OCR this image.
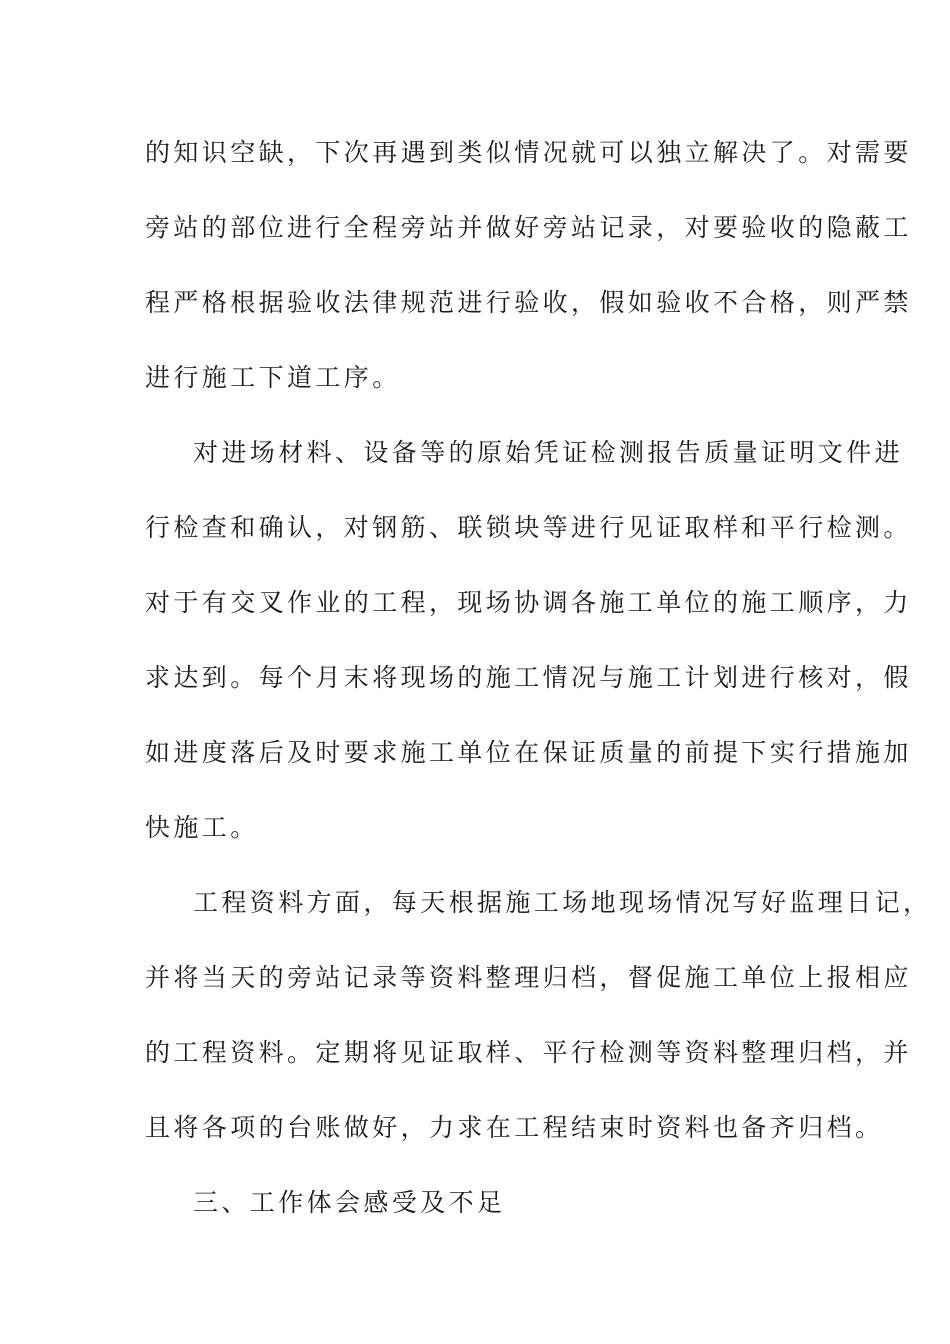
的知识空缺，下次再遇到类似情况就可以独立解决了。对需要
旁站的部位进行全程旁站并做好旁站记录，对要验收的隐蔽工
程严格根据验收法律规范进行验收，假如验收不合格，则严禁
进行施工下道工序。
对进场材料、设备等的原始凭证检测报告质量证明文件进
行检查和确认，对钢筋、联锁块等进行见证取样和平行检测。
对于有交叉作业的工程，现场协调各施工单位的施工顺序，力
求达到。每个月末将现场的施工情况与施工计划进行核对，假
如进度落后及时要求施工单位在保证质量的前提下实行措施加
快施工。
工程资料方面，每天根据施工场地现场情况写好监理日记，
并将当天的旁站记录等资料整理归档，督促施工单位上报相应
的工程资料。定期将见证取样、平行检测等资料整理归档，并
且将各项的台账做好，力求在工程结束时资料也备齐归档。
三、工作体会感受及不足
